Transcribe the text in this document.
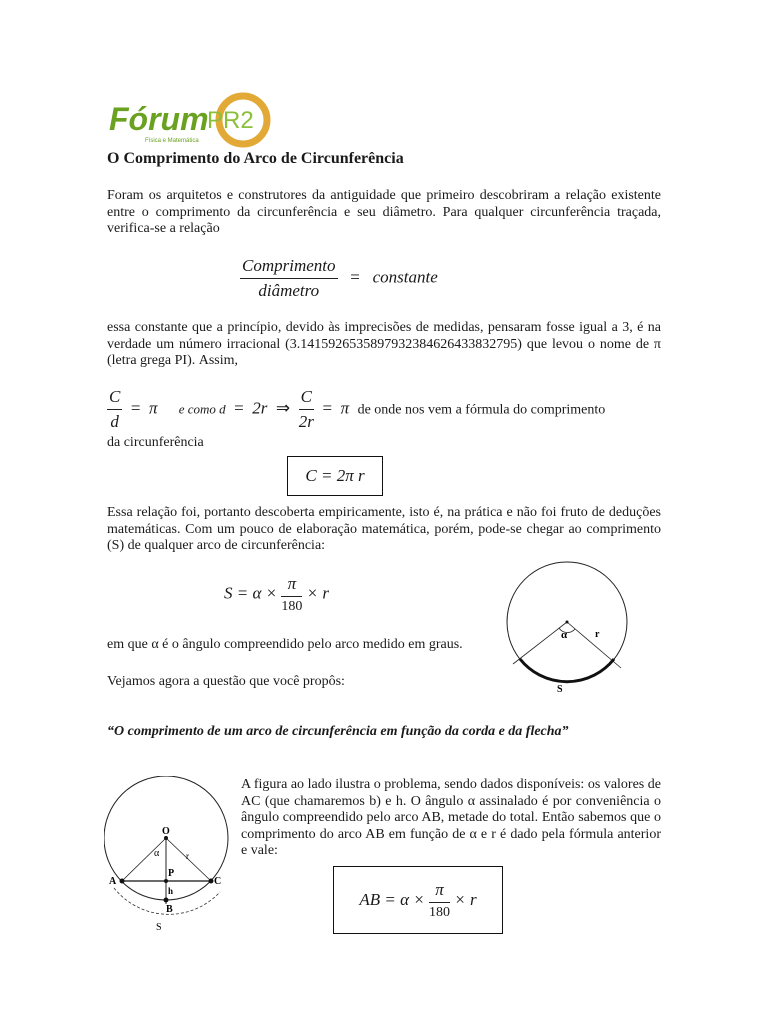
Fórum
PR2
Física e Matemática
O Comprimento do Arco de Circunferência
Foram os arquitetos e construtores da antiguidade que primeiro descobriram a relação existente entre o comprimento da circunferência e seu diâmetro. Para qualquer circunferência traçada, verifica-se a relação
$\frac{\text{Comprimento}}{\text{diâmetro}}$ = constante
essa constante que a princípio, devido às imprecisões de medidas, pensaram fosse igual a 3, é na verdade um número irracional (3.14159265358979323846264338327​95) que levou o nome de π (letra grega PI). Assim,
$\frac{C}{d} = \pi$ e como d = 2r ⇒ $\frac{C}{2r} = \pi$ de onde nos vem a fórmula do comprimento
da circunferência
C = 2π r
Essa relação foi, portanto descoberta empiricamente, isto é, na prática e não foi fruto de deduções matemáticas. Com um pouco de elaboração matemática, porém, pode-se chegar ao comprimento (S) de qualquer arco de circunferência:
$S = \alpha \times \frac{\pi}{180} \times r$
α	r
S
em que α é o ângulo compreendido pelo arco medido em graus.
Vejamos agora a questão que você propôs:
“O comprimento de um arco de circunferência em função da corda e da flecha”
O
α	r
A
P
C
h
B
S
A figura ao lado ilustra o problema, sendo dados disponíveis: os valores de AC (que chamaremos b) e h. O ângulo α assinalado é por conveniência o ângulo compreendido pelo arco AB, metade do total. Então sabemos que o comprimento do arco AB em função de α e r é dado pela fórmula anterior e vale:
AB = α ×
$\frac{\pi}{180}$
× r
